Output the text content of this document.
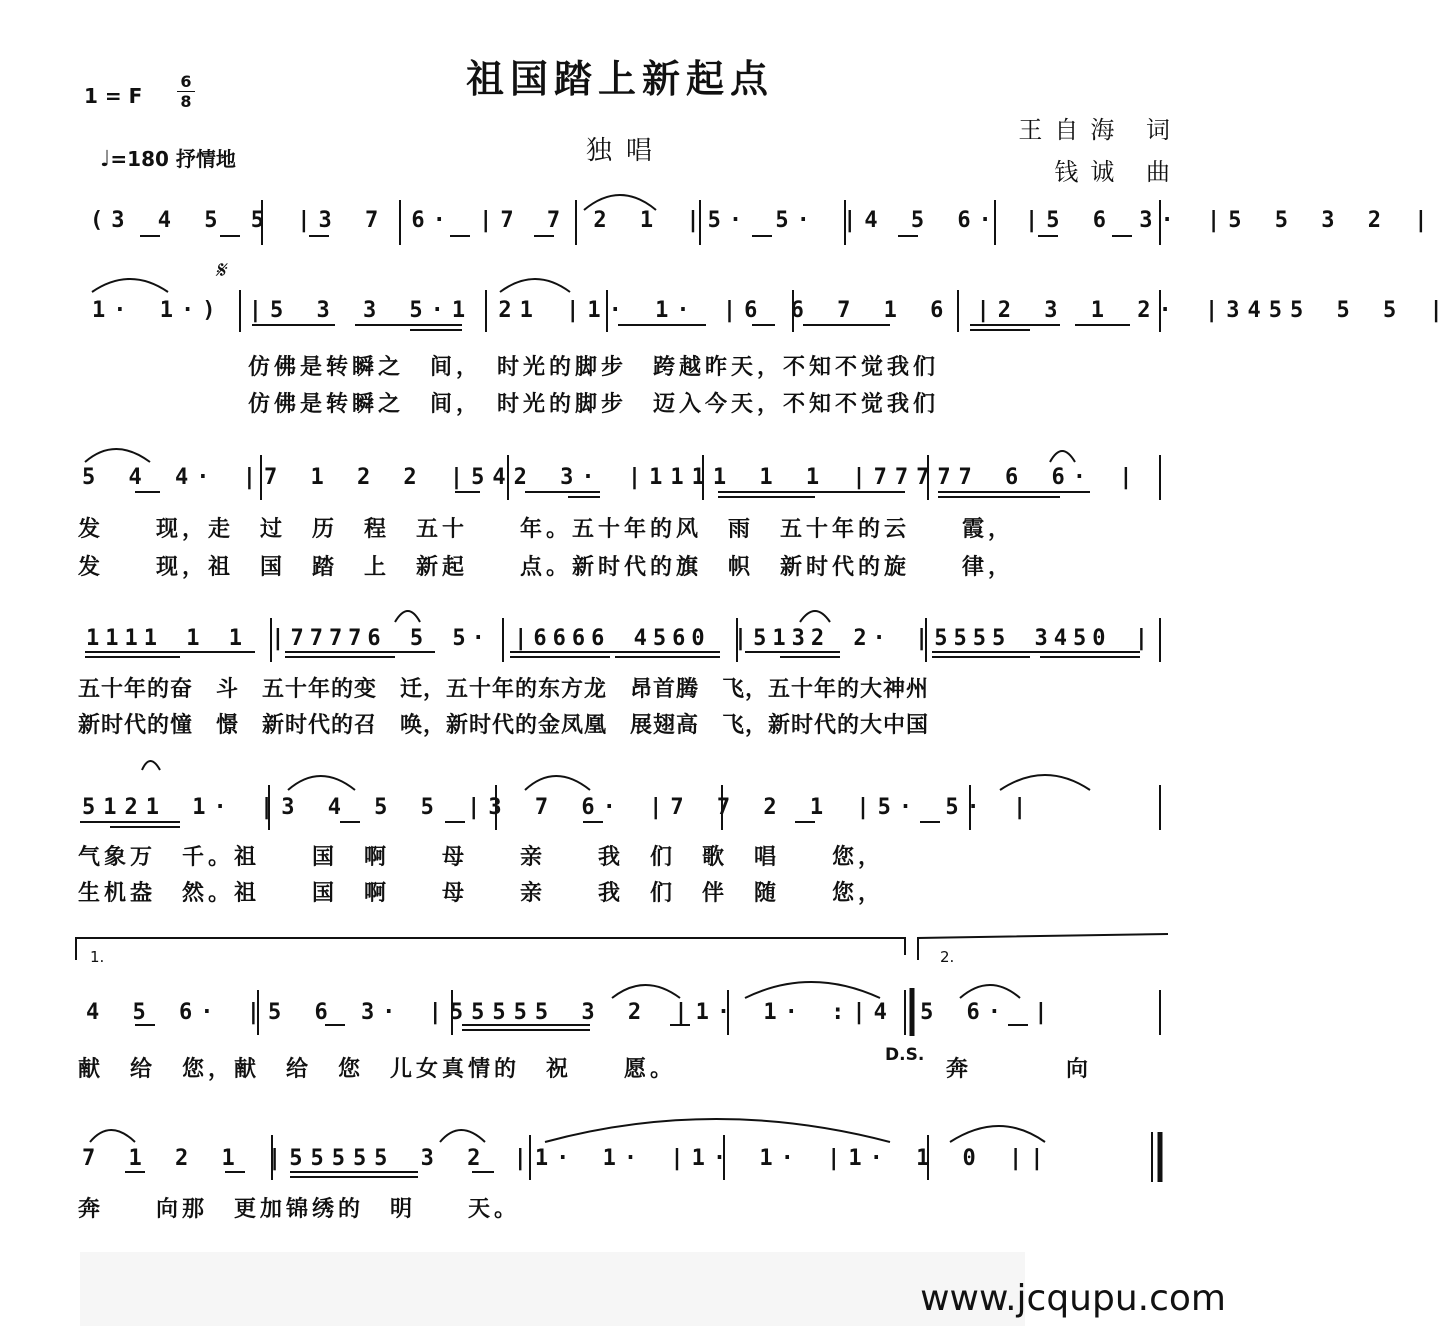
祖国踏上新起点
1 = F
6
8
♩=180 抒情地	独唱
王自海 词
钱诚 曲
𝄋
(3 4 5 5 |3 7 6· |7 7 2 1 |5· 5· |4 5 6· |5 6 3· |5 5 3 2 |
1· 1·) |5 3 3 5·1 21 |1· 1· |6 6 7 1 6 |2 3 1 2· |3455 5 5 |
仿佛是转瞬之　间，　时光的脚步　跨越昨天，不知不觉我们
仿佛是转瞬之　间，　时光的脚步　迈入今天，不知不觉我们
5 4 4· |7 1 2 2 |542 3· |1111 1 1 |77777 6 6· |
发　　现，走　过　历　程　五十　　年。五十年的风　雨　五十年的云　　霞，
发　　现，祖　国　踏　上　新起　　点。新时代的旗　帜　新时代的旋　　律，
1111 1 1 |77776 5 5· |6666 4560 |5132 2· |5555 3450 |
五十年的奋　斗　五十年的变　迁，五十年的东方龙　昂首腾　飞，五十年的大神州
新时代的憧　憬　新时代的召　唤，新时代的金凤凰　展翅高　飞，新时代的大中国
5121 1· |3 4 5 5 |3 7 6· |7 7 2 1 |5· 5· |
气象万　千。祖　　国　啊　　母　　亲　　我　们　歌　唱　　您，
生机盎　然。祖　　国　啊　　母　　亲　　我　们　伴　随　　您，
1.	2.
4 5 6· |5 6 3· |55555 3 2 |1· 1· :|4 5 6· |
献　给　您，献　给　您　儿女真情的　祝　　愿。
D.S.
奔　　向
7 1 2 1 |55555 3 2 |1· 1· |1· 1· |1· 1 0 ||
奔　　向那　更加锦绣的　明　　天。
www.jcqupu.com
